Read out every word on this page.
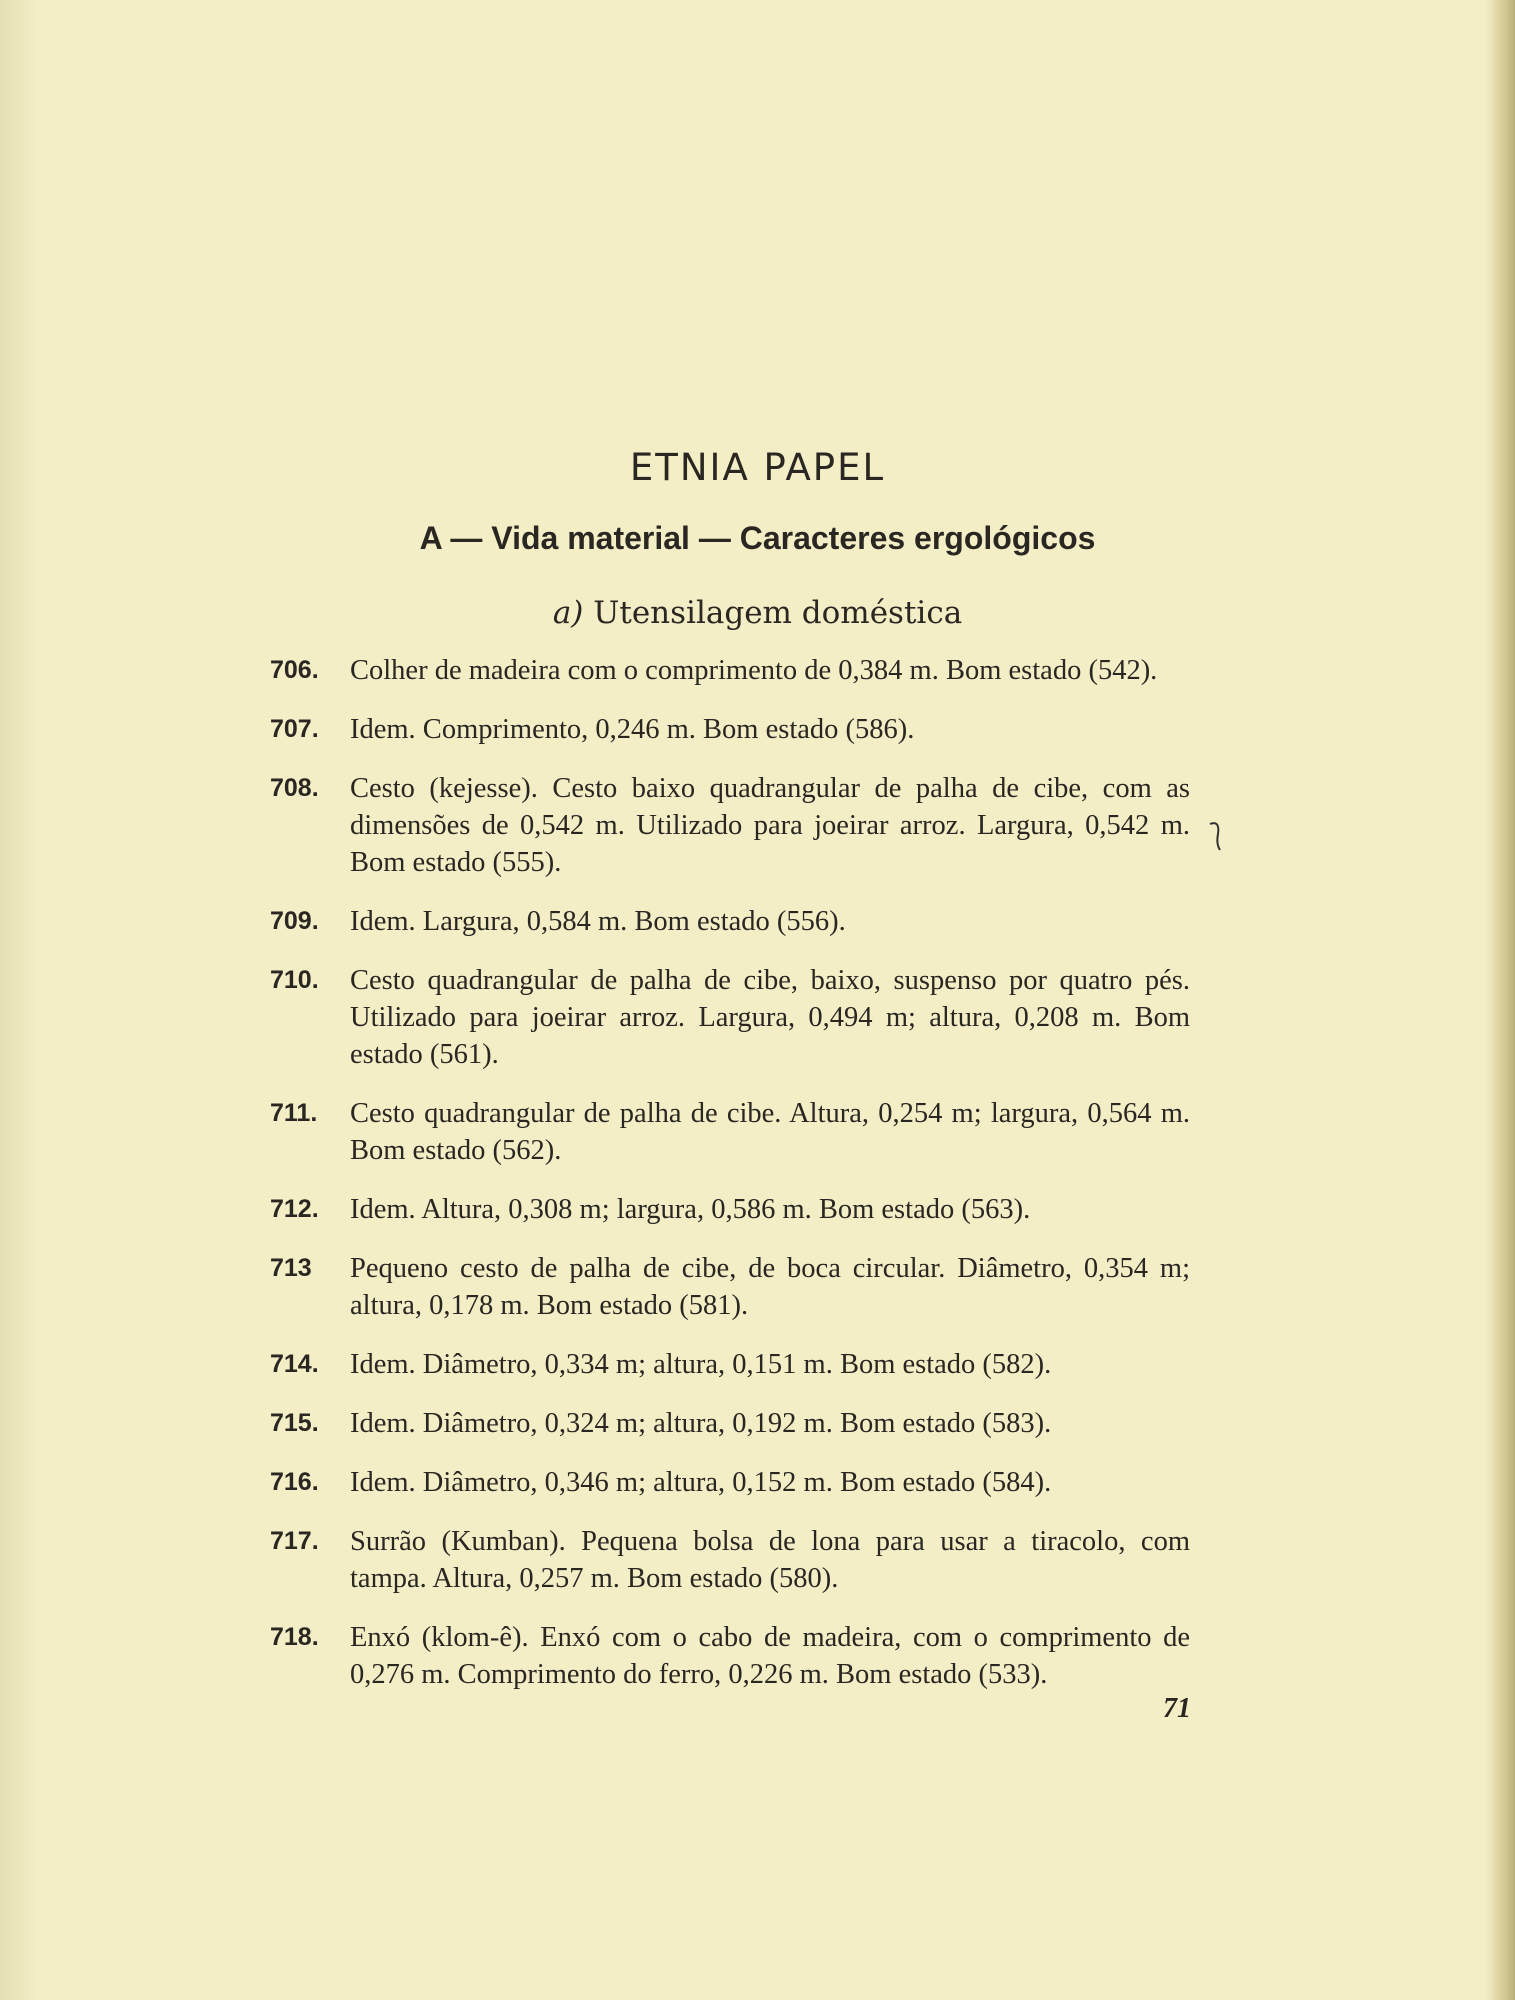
ETNIA PAPEL
A — Vida material — Caracteres ergológicos
a) Utensilagem doméstica
706. Colher de madeira com o comprimento de 0,384 m. Bom estado (542).
707. Idem. Comprimento, 0,246 m. Bom estado (586).
708. Cesto (kejesse). Cesto baixo quadrangular de palha de cibe, com as dimensões de 0,542 m. Utilizado para joeirar arroz. Largura, 0,542 m. Bom estado (555).
709. Idem. Largura, 0,584 m. Bom estado (556).
710. Cesto quadrangular de palha de cibe, baixo, suspenso por quatro pés. Utilizado para joeirar arroz. Largura, 0,494 m; altura, 0,208 m. Bom estado (561).
711. Cesto quadrangular de palha de cibe. Altura, 0,254 m; largura, 0,564 m. Bom estado (562).
712. Idem. Altura, 0,308 m; largura, 0,586 m. Bom estado (563).
713 Pequeno cesto de palha de cibe, de boca circular. Diâmetro, 0,354 m; altura, 0,178 m. Bom estado (581).
714. Idem. Diâmetro, 0,334 m; altura, 0,151 m. Bom estado (582).
715. Idem. Diâmetro, 0,324 m; altura, 0,192 m. Bom estado (583).
716. Idem. Diâmetro, 0,346 m; altura, 0,152 m. Bom estado (584).
717. Surrão (Kumban). Pequena bolsa de lona para usar a tiracolo, com tampa. Altura, 0,257 m. Bom estado (580).
718. Enxó (klom-ê). Enxó com o cabo de madeira, com o comprimento de 0,276 m. Comprimento do ferro, 0,226 m. Bom estado (533).
71
